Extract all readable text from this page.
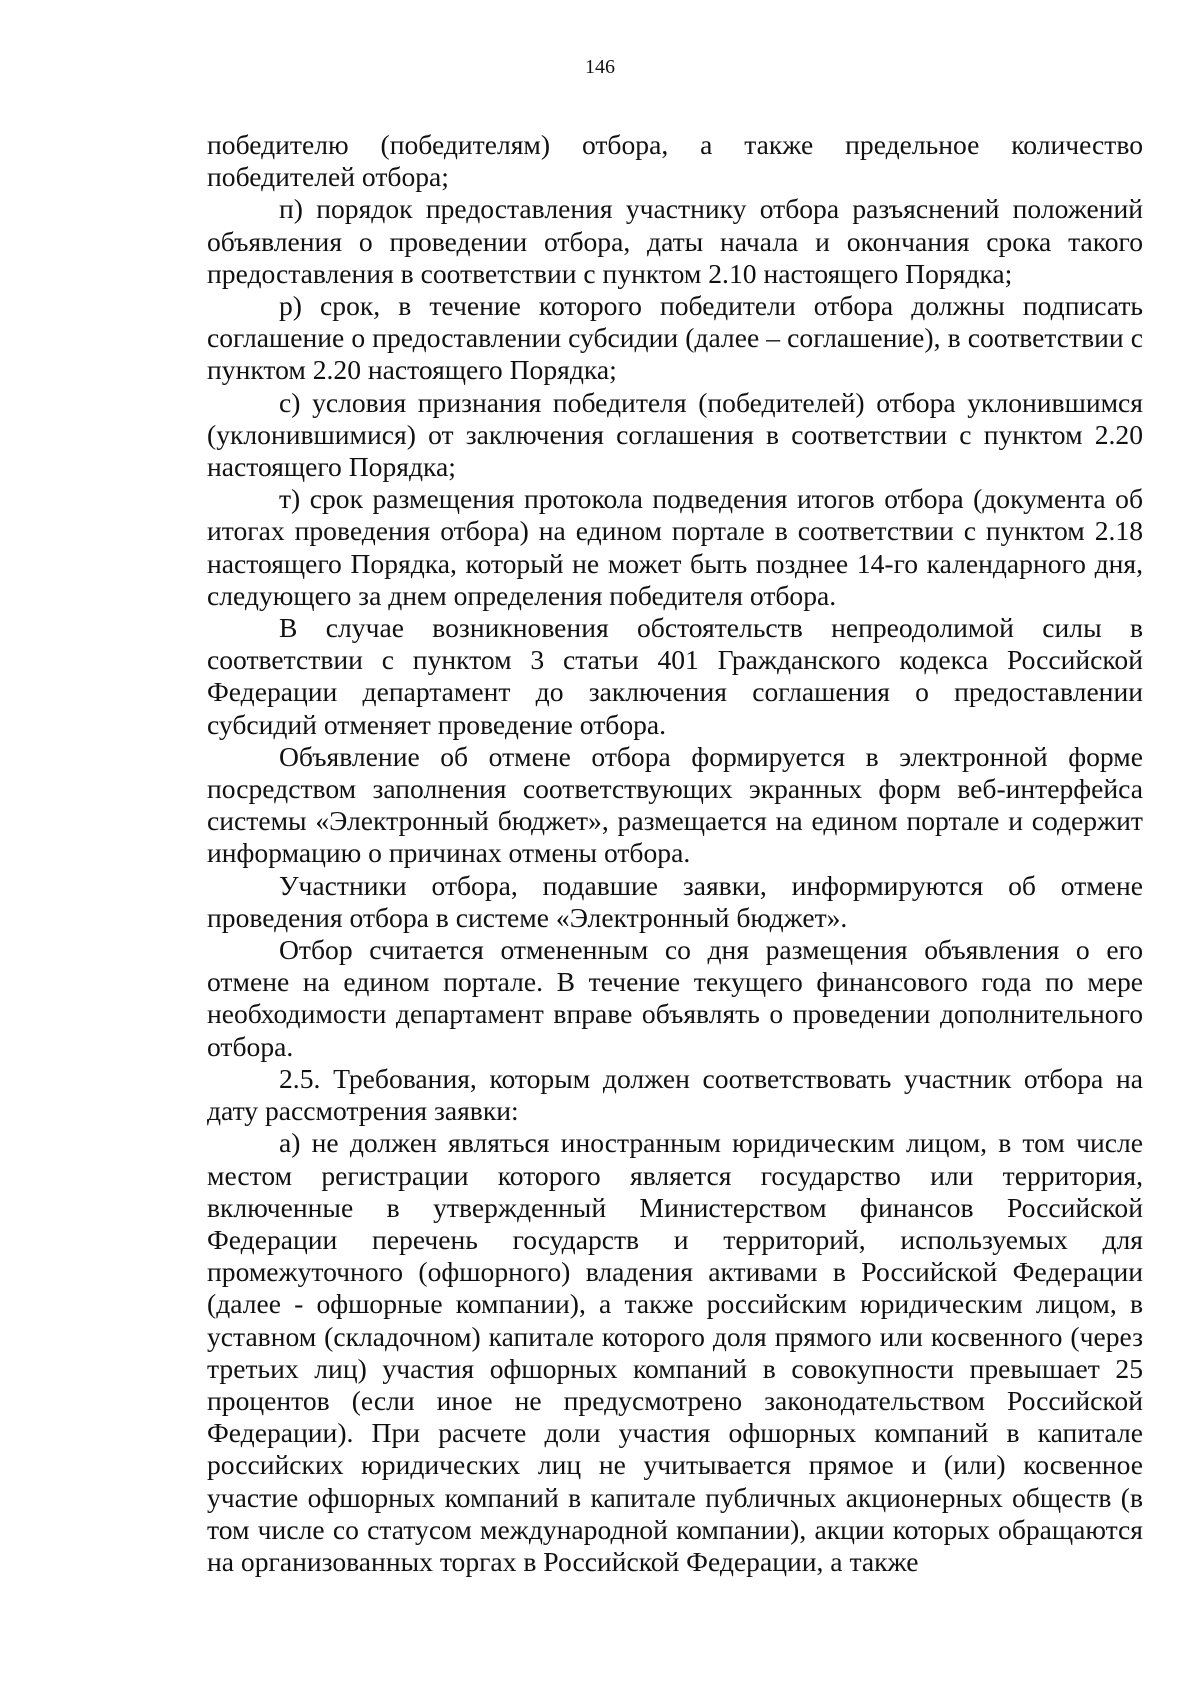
146

победителю (победителям) отбора, а также предельное количество победителей отбора;

п) порядок предоставления участнику отбора разъяснений положений объявления о проведении отбора, даты начала и окончания срока такого предоставления в соответствии с пунктом 2.10 настоящего Порядка;

р) срок, в течение которого победители отбора должны подписать соглашение о предоставлении субсидии (далее – соглашение), в соответствии с пунктом 2.20 настоящего Порядка;

с) условия признания победителя (победителей) отбора уклонившимся (уклонившимися) от заключения соглашения в соответствии с пунктом 2.20 настоящего Порядка;

т) срок размещения протокола подведения итогов отбора (документа об итогах проведения отбора) на едином портале в соответствии с пунктом 2.18 настоящего Порядка, который не может быть позднее 14-го календарного дня, следующего за днем определения победителя отбора.

В случае возникновения обстоятельств непреодолимой силы в соответствии с пунктом 3 статьи 401 Гражданского кодекса Российской Федерации департамент до заключения соглашения о предоставлении субсидий отменяет проведение отбора.

Объявление об отмене отбора формируется в электронной форме посредством заполнения соответствующих экранных форм веб-интерфейса системы «Электронный бюджет», размещается на едином портале и содержит информацию о причинах отмены отбора.

Участники отбора, подавшие заявки, информируются об отмене проведения отбора в системе «Электронный бюджет».

Отбор считается отмененным со дня размещения объявления о его отмене на едином портале. В течение текущего финансового года по мере необходимости департамент вправе объявлять о проведении дополнительного отбора.

2.5. Требования, которым должен соответствовать участник отбора на дату рассмотрения заявки:

а) не должен являться иностранным юридическим лицом, в том числе местом регистрации которого является государство или территория, включенные в утвержденный Министерством финансов Российской Федерации перечень государств и территорий, используемых для промежуточного (офшорного) владения активами в Российской Федерации (далее - офшорные компании), а также российским юридическим лицом, в уставном (складочном) капитале которого доля прямого или косвенного (через третьих лиц) участия офшорных компаний в совокупности превышает 25 процентов (если иное не предусмотрено законодательством Российской Федерации). При расчете доли участия офшорных компаний в капитале российских юридических лиц не учитывается прямое и (или) косвенное участие офшорных компаний в капитале публичных акционерных обществ (в том числе со статусом международной компании), акции которых обращаются на организованных торгах в Российской Федерации, а также
